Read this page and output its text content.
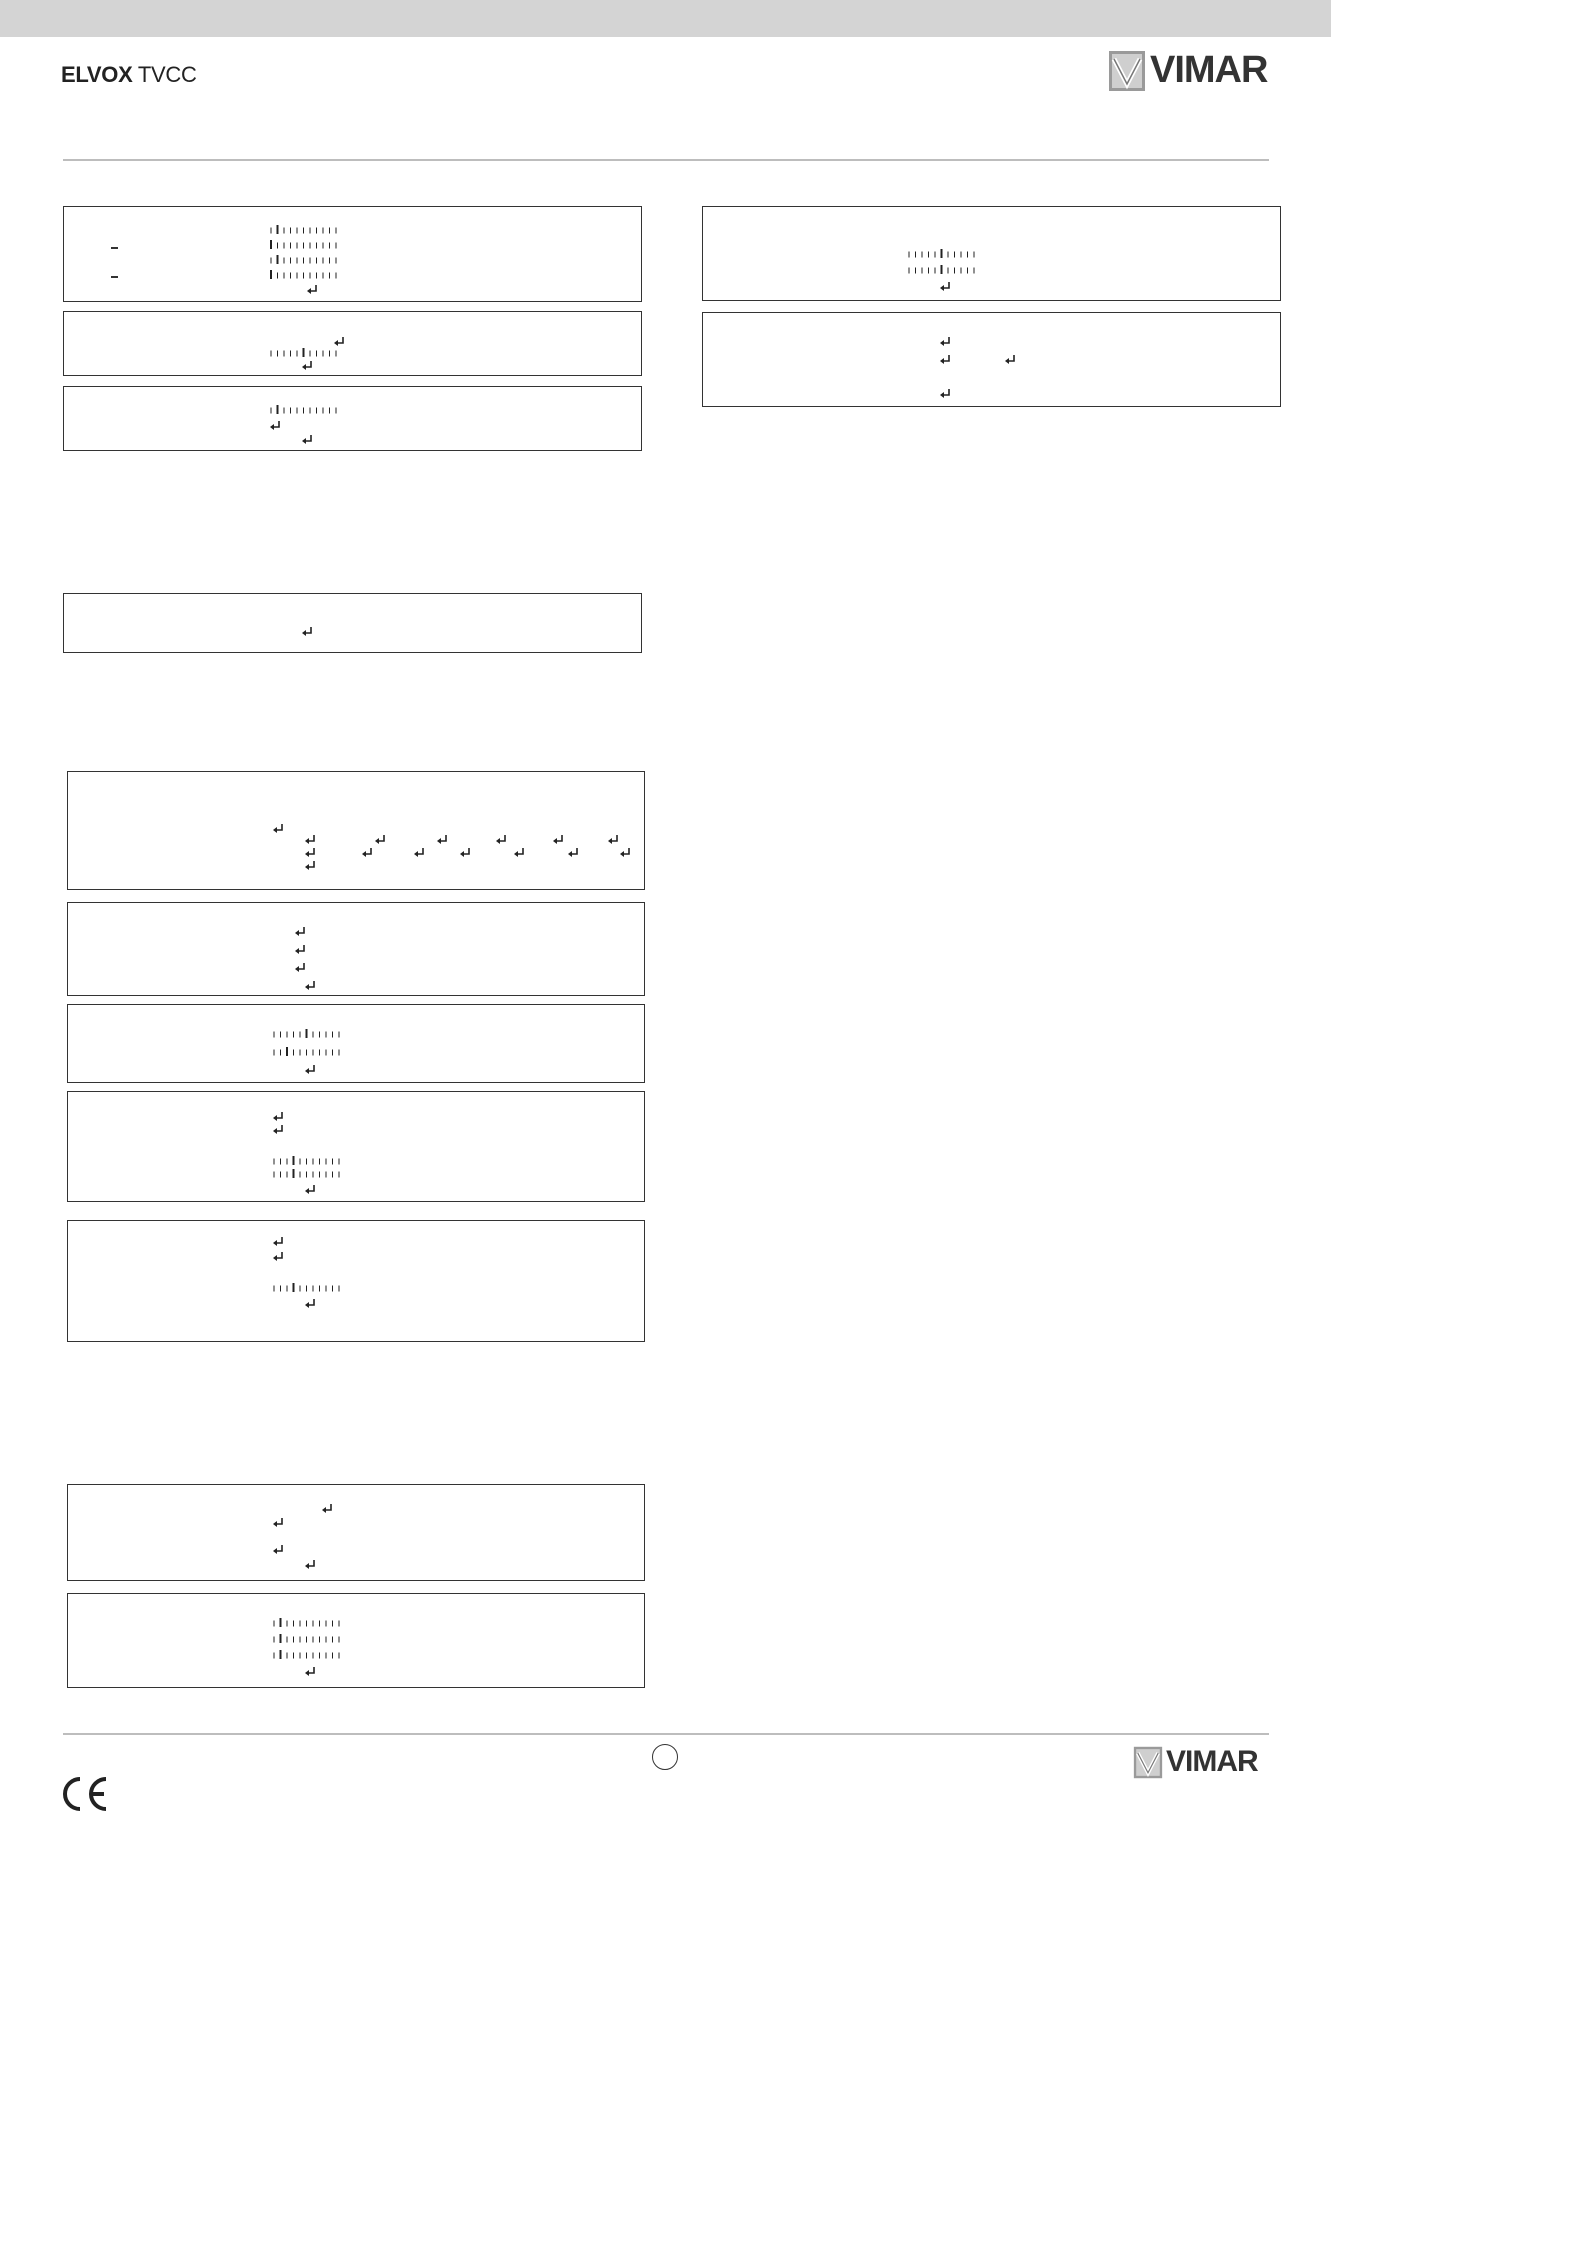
ELVOX TVCC	VIMAR
VIMAR
